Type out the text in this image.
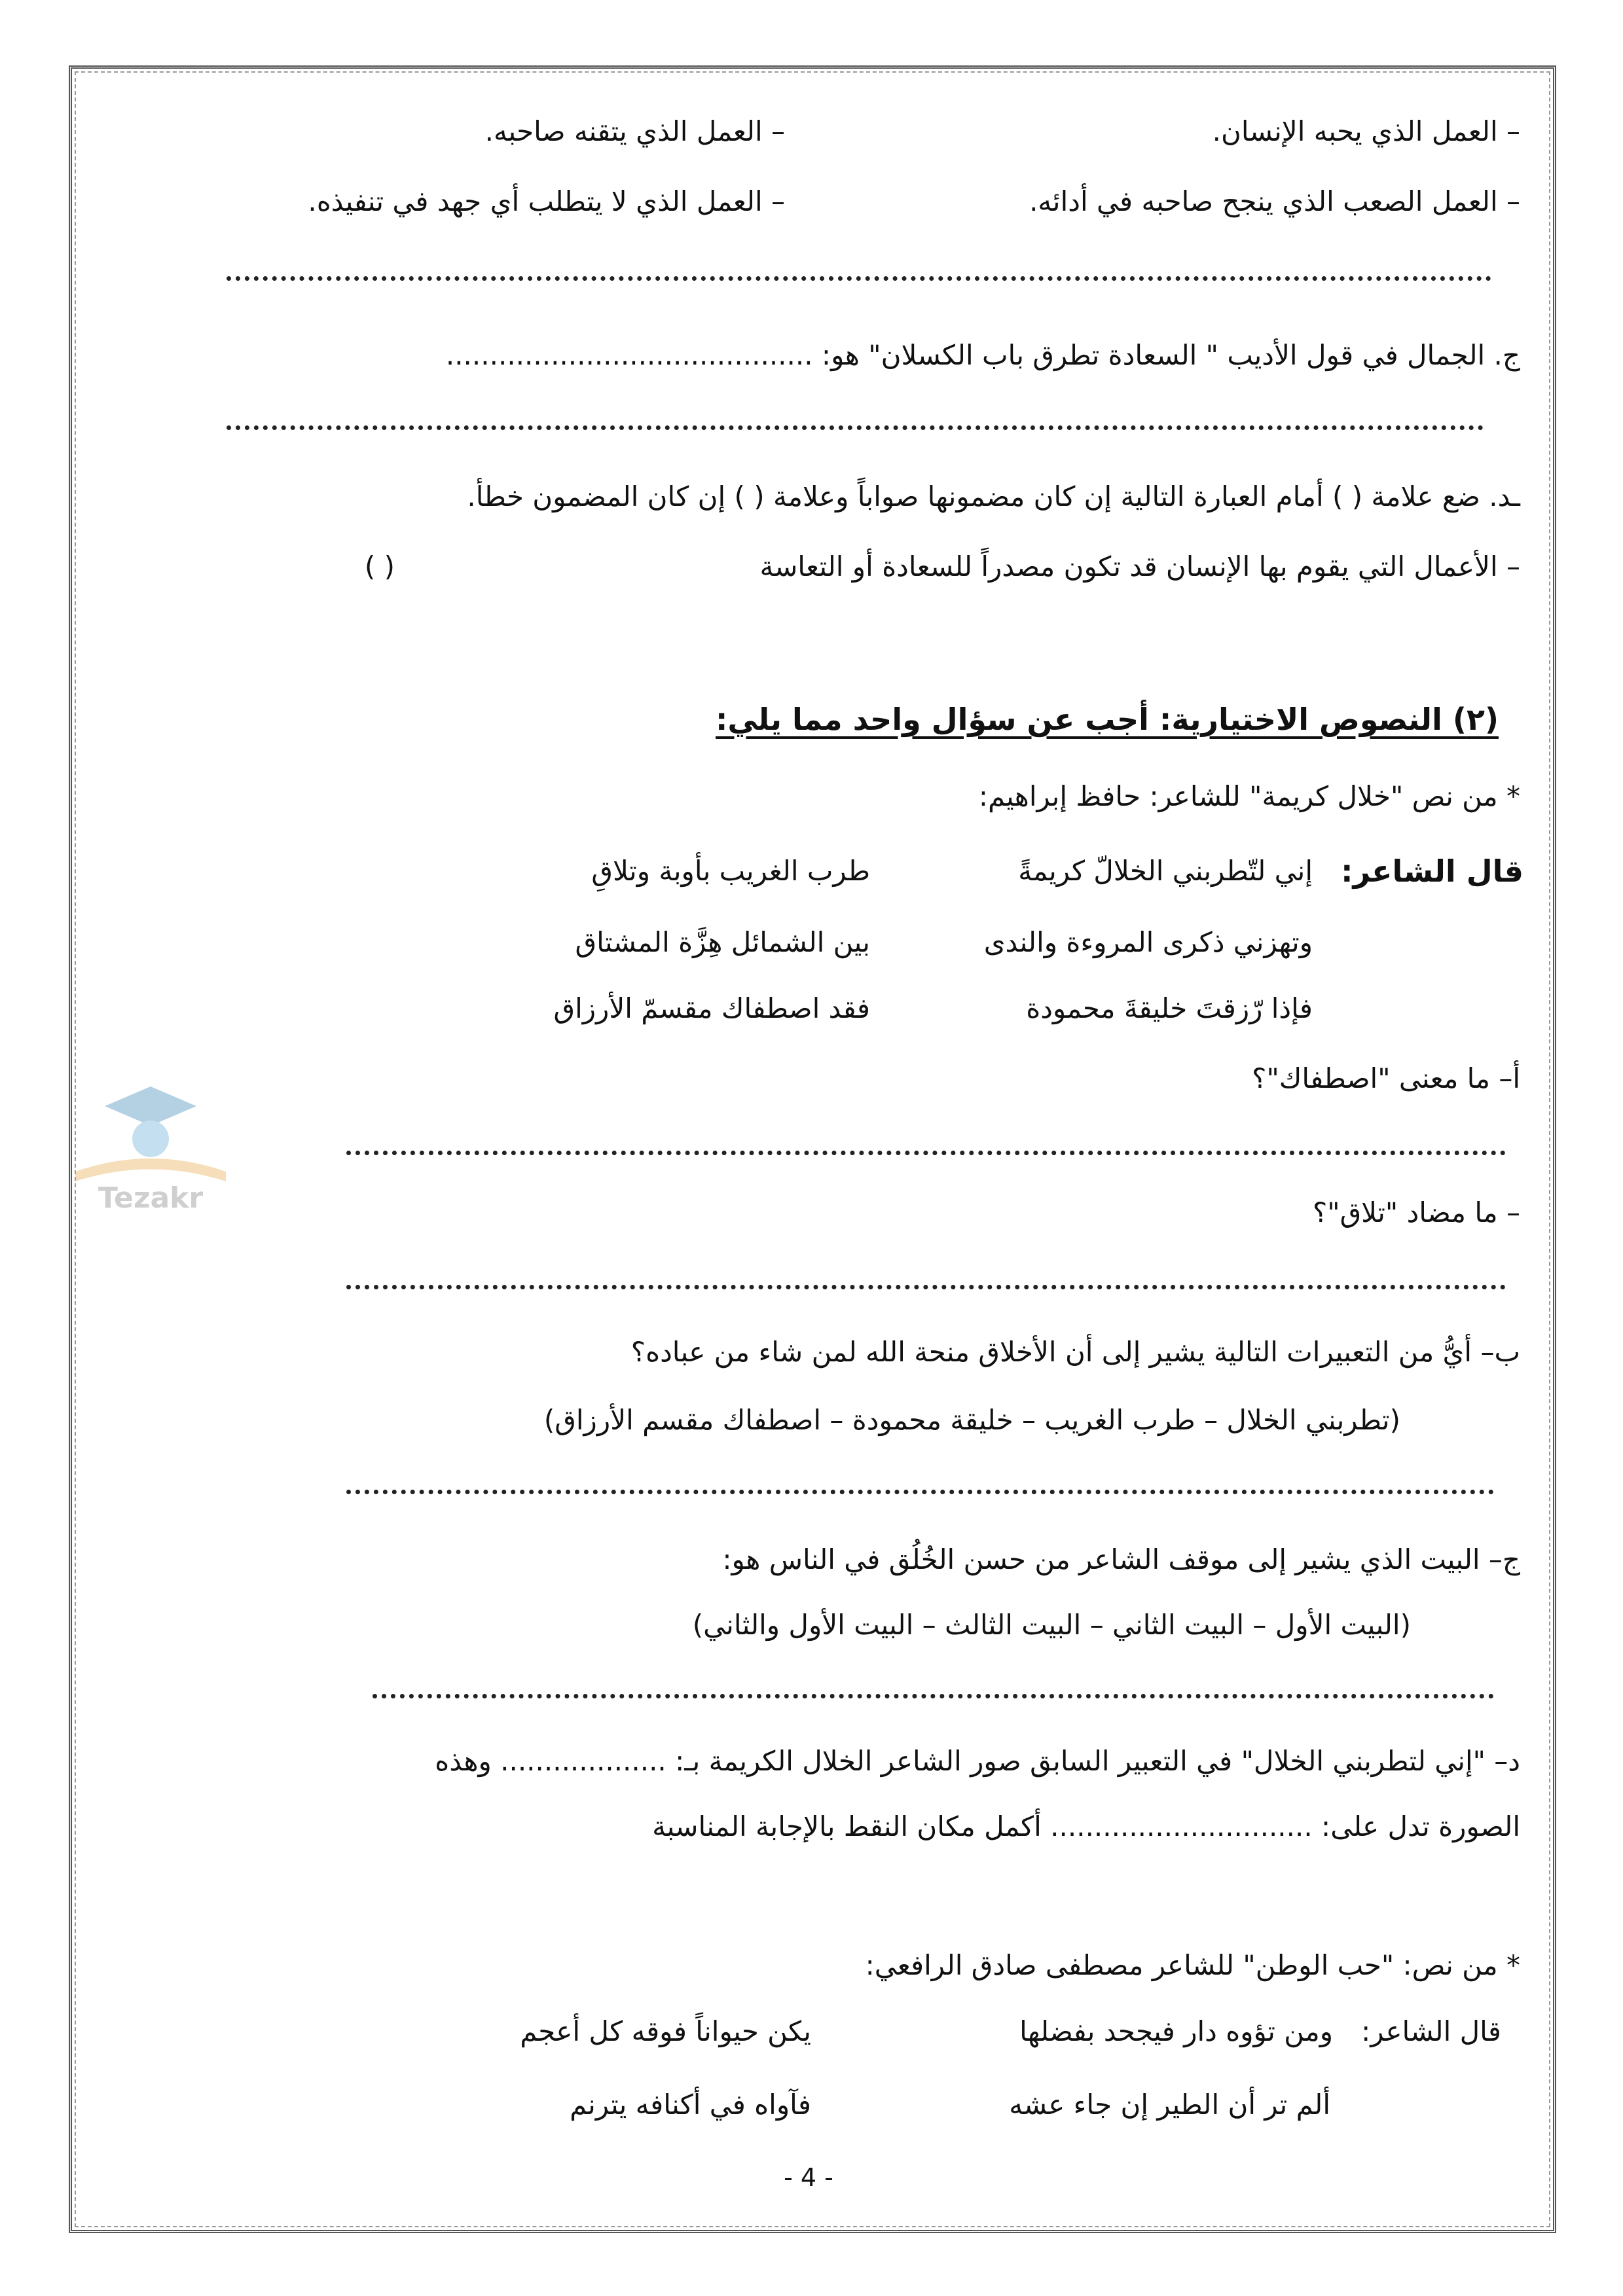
Tezakr
– العمل الذي يحبه الإنسان.
– العمل الذي يتقنه صاحبه.
– العمل الصعب الذي ينجح صاحبه في أدائه.
– العمل الذي لا يتطلب أي جهد في تنفيذه.
ج. الجمال في قول الأديب " السعادة تطرق باب الكسلان" هو: ..........................................
ـد. ضع علامة ( ) أمام العبارة التالية إن كان مضمونها صواباً وعلامة ( ) إن كان المضمون خطأ.
– الأعمال التي يقوم بها الإنسان قد تكون مصدراً للسعادة أو التعاسة
( )
(٢) النصوص الاختيارية: أجب عن سؤال واحد مما يلي:
* من نص "خلال كريمة" للشاعر: حافظ إبراهيم:
قال الشاعر:
إني لتّطربني الخلالّ كريمةً
طرب الغريب بأوبة وتلاقِ
وتهزني ذكرى المروءة والندى
بين الشمائل هِزَّة المشتاق
فإذا رّزقتَ خليقةَ محمودة
فقد اصطفاك مقسمّ الأرزاق
أ– ما معنى "اصطفاك"؟
– ما مضاد "تلاق"؟
ب– أيُّ من التعبيرات التالية يشير إلى أن الأخلاق منحة الله لمن شاء من عباده؟
(تطربني الخلال – طرب الغريب – خليقة محمودة – اصطفاك مقسم الأرزاق)
ج– البيت الذي يشير إلى موقف الشاعر من حسن الخُلُق في الناس هو:
(البيت الأول – البيت الثاني – البيت الثالث – البيت الأول والثاني)
د– "إني لتطربني الخلال" في التعبير السابق صور الشاعر الخلال الكريمة بـ: ................... وهذه
الصورة تدل على: .............................. أكمل مكان النقط بالإجابة المناسبة
* من نص: "حب الوطن" للشاعر مصطفى صادق الرافعي:
قال الشاعر:
ومن تؤوه دار فيجحد بفضلها
يكن حيواناً فوقه كل أعجم
ألم تر أن الطير إن جاء عشه
فآواه في أكنافه يترنم
- 4 -
